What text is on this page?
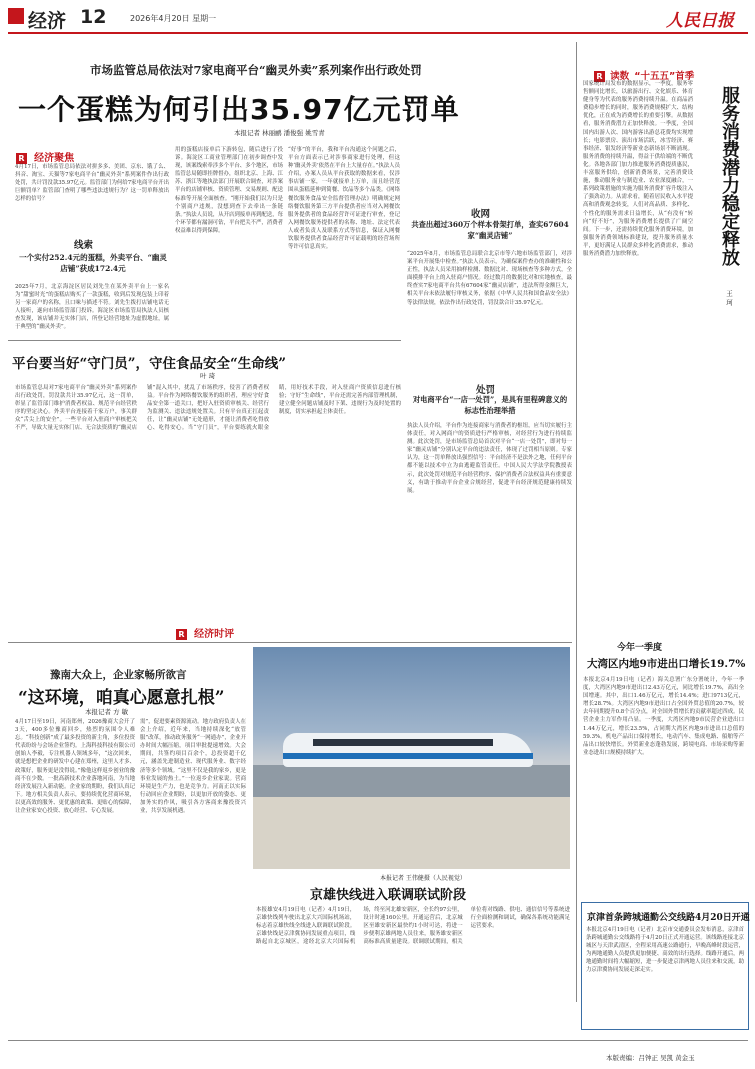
经济 12	2026年4月20日 星期一	人民日报
市场监管总局依法对7家电商平台“幽灵外卖”系列案作出行政处罚
一个蛋糕为何引出35.97亿元罚单
本报记者 林丽鹂 潘俊强 姚雪青
R 经济聚焦
4月17日，市场监管总局依法对拼多多、美团、京东、饿了么、抖音、淘宝、天猫等7家电商平台“幽灵外卖”系列案件作出行政处罚，共计罚没款35.97亿元。监管部门为何给7家电商平台开出巨额罚单？监管部门查明了哪些违法违规行为？这一罚单释放出怎样的信号？
线索
一个实付252.4元的蛋糕，外卖平台、“幽灵店铺”获成172.4元
2025年7月，北京海淀区居民刘先生在某外卖平台上一家名为“甜蜜时光”的蛋糕店购买了一款蛋糕，收到后发现包装上印着另一家商户的名称，且口味与描述不符。刘先生拨打店铺电话无人接听，遂向市场监管部门投诉。海淀区市场监管局执法人员核查发现，该店铺并无实体门店，所登记经营地址为虚假地址，属于典型的“幽灵外卖”。
用的蛋糕店接单后下游转包，随后进行了投诉。海淀区工商业管理部门在初步调查中发现，该案线索牵涉多个平台、多个地区，市场监管总局随即挂牌督办，组织北京、上海、江苏、浙江等地执法部门开展联合调查，对涉案平台的店铺审核、资质管理、交易规则、配送标准等开展全面核查。“刚开始我们以为只是个别商户违规，没想到查下去牵出一条链条。”执法人员说，从开店到接单再到配送，每个环节都有漏洞可钻，平台把关不严，消费者权益难以得到保障。
“好事”的平台，我和平台沟通这个问题之后，平台方面表示已对涉事商家进行处理，但这种‘幽灵外卖’依然在平台上大量存在。”执法人员介绍，办案人员从平台获取的数据来看，仅涉事店铺一家，一年就接单上万单，而且经营范围从蛋糕延伸到简餐、饮品等多个品类。《网络餐饮服务食品安全监督管理办法》明确规定网络餐饮服务第三方平台提供者应当对入网餐饮服务提供者的食品经营许可证进行审查，登记入网餐饮服务提供者的名称、地址、法定代表人或者负责人及联系方式等信息，保证入网餐饮服务提供者食品经营许可证载明的经营场所等许可信息真实。
收网
共查出超过360万个样本骨架打单，查实67604家“幽灵店铺”
“2025年8月，市场监管总局联合北京市等六地市场监管部门，对涉案平台开展集中检查。”执法人员表示，为确保案件查办的准确性和公正性，执法人员采用抽样检测、数据比对、现场核查等多种方式，全面摸排平台上的入驻商户情况。经过数月的数据比对和实地核查，最终查实7家电商平台共有67604家“幽灵店铺”，违法所得金额巨大，相关平台未依法履行审核义务，依据《中华人民共和国食品安全法》等法律法规，依法作出行政处罚，罚没款合计35.97亿元。
处罚
对电商平台“一店一处罚”，是具有里程碑意义的标志性治理举措
执法人员介绍，平台作为连接商家与消费者的枢纽，应当切实履行主体责任，对入网商户的资质进行严格审核，对经营行为进行持续监测。此次处罚，是市场监管总局首次对平台“一店一处罚”，即对每一家“幽灵店铺”分别认定平台的违法责任，体现了过罚相当原则。专家认为，这一罚单释放出强烈信号：平台经济不是法外之地，任何平台都不能以技术中立为由逃避监管责任。中国人民大学法学院教授表示，此次处罚对规范平台经营秩序、保护消费者合法权益具有重要意义，有助于推动平台企业合规经营，促进平台经济规范健康持续发展。
平台要当好“守门员”，守住食品安全“生命线”
叶 琦
市场监管总局对7家电商平台“幽灵外卖”系列案作出行政处罚，罚没款共计35.97亿元，这一罚单，彰显了监管部门维护消费者权益、规范平台经营秩序的坚定决心。外卖平台连接着千家万户，事关群众“舌尖上的安全”。一些平台对入驻商户审核把关不严，导致大量无实体门店、无合法资质的“幽灵店铺”混入其中，扰乱了市场秩序，侵害了消费者权益。平台作为网络餐饮服务的组织者，理应守好食品安全第一道关口，把好入驻资质审核关、经营行为监测关、违法违规处置关。只有平台真正扛起责任，让“幽灵店铺”无处遁形，才能让消费者吃得放心、吃得安心。当“守门员”，平台要练就火眼金睛，用好技术手段，对入驻商户资质信息进行核验；守好“生命线”，平台还需完善内部管理机制，建立健全问题店铺及时下架、违规行为及时处置的制度，切实承担起主体责任。
R 经济时评
R 读数 “十五五”首季
国家统计局发布的数据显示，一季度，服务零售额同比增长，以旅游出行、文化娱乐、体育健身等为代表的服务消费持续升温。在商品消费稳步增长的同时，服务消费规模扩大、结构优化，正在成为消费增长的重要引擎。从数据看，服务消费潜力正加快释放。一季度，全国国内出游人次、国内游客出游总花费均实现增长；电影票房、演出市场活跃，冰雪经济、赛事经济、银发经济等新业态新场景不断涌现。服务消费的持续升温，得益于供给端的不断优化。各地各部门加力推进服务消费提质惠民，丰富服务供给，创新消费场景，完善消费设施，推动服务业与制造业、农业深度融合，一系列政策措施的实施为服务消费扩容升级注入了强劲动力。从需求看，随着居民收入水平提高和消费观念转变，人们对高品质、多样化、个性化的服务需求日益增长，从“有没有”转向“好不好”，为服务消费增长提供了广阔空间。下一步，还需持续优化服务消费环境，加强服务消费领域标准建设，提升服务质量水平，更好满足人民群众多样化消费需求，推动服务消费潜力加快释放。	服务消费潜力稳定释放
王 珂
今年一季度
大湾区内地9市进出口增长19.7%
本报北京4月19日电（记者）海关总署广东分署统计，今年一季度，大湾区内地9市进出口2.43万亿元，同比增长19.7%，高出全国增速。其中，出口1.46万亿元，增长14.4%；进口9713亿元，增长28.7%。大湾区内地9市进出口占全国外贸总值的20.7%，较去年同期提升0.8个百分点，对全国外贸增长的贡献率超过四成。民营企业主力军作用凸显。一季度，大湾区内地9市民营企业进出口1.44万亿元，增长23.5%，占同期大湾区内地9市进出口总值的59.3%。机电产品出口保持增长，电动汽车、集成电路、船舶等产品出口较快增长。外贸新业态蓬勃发展，跨境电商、市场采购等新业态进出口规模持续扩大。
京津首条跨城通勤公交线路4月20日开通
本报北京4月19日电（记者）北京市交通委员会发布消息，京津首条跨城通勤公交线路将于4月20日正式开通运营。该线路连接北京城区与天津武清区，全程采用高速公路通行，早晚高峰时段运营，为两地通勤人员提供更加便捷、高效的出行选择。线路开通后，两地通勤时间将大幅缩短，进一步促进京津两地人员往来和交流，助力京津冀协同发展走深走实。
豫南大众上，企业家畅所欲言
“这环境，咱真心愿意扎根”
本报记者 方 敏
4月17日至19日，河南郑州，2026豫商大会开了3天，400多位豫商回乡，热烈的氛围令人难忘。“科技创新”成了最多投资的新主角，多位投资代表纷纷与会场企业签约。上海科技科技有限公司创始人李毅，专注机器人领域多年，“这次回来，就是想把企业的研发中心建在郑州，这里人才多、政策好，服务更是没得说。”像他这样返乡创业的豫商不在少数。一批高新技术企业落地河南，为当地经济发展注入新动能。企业家的期盼，我们认真记下。地方相关负责人表示，要持续优化营商环境，以更高效的服务、更优惠的政策、更贴心的保障，让企业家安心投资、放心经营、专心发展。
需”，促进要素资源流动。地方政府负责人在会上介绍，近年来，当地持续深化“放管服”改革，推动政务服务“一网通办”，企业开办时间大幅压缩，项目审批提速增效。大会期间，共签约项目百余个，总投资超千亿元，涵盖先进制造业、现代服务业、数字经济等多个领域。“这里不仅是我的家乡，更是事业发展的热土。”一位返乡企业家说。营商环境是生产力，也是竞争力。河南正以实际行动回应企业期盼，以更加开放的姿态、更加务实的作风，吸引各方客商来豫投资兴业，共享发展机遇。
本报记者 王伟健摄（人民视觉）
京雄快线进入联调联试阶段
本报雄安4月19日电（记者）4月19日，京雄快线列车驶出北京大兴国际机场站，标志着京雄快线全线进入联调联试阶段。京雄快线是京津冀协同发展重点项目，线路起自北京城区，途经北京大兴国际机场，终至河北雄安新区，全长约97公里，设计时速160公里。开通运营后，北京城区至雄安新区最快约1小时可达，将进一步便利京雄两地人员往来，服务雄安新区高标准高质量建设。联调联试期间，相关单位将对线路、供电、通信信号等系统进行全面检测和调试，确保各系统功能满足运营要求。
本版责编：吕钟正 吴凯 黄金玉
